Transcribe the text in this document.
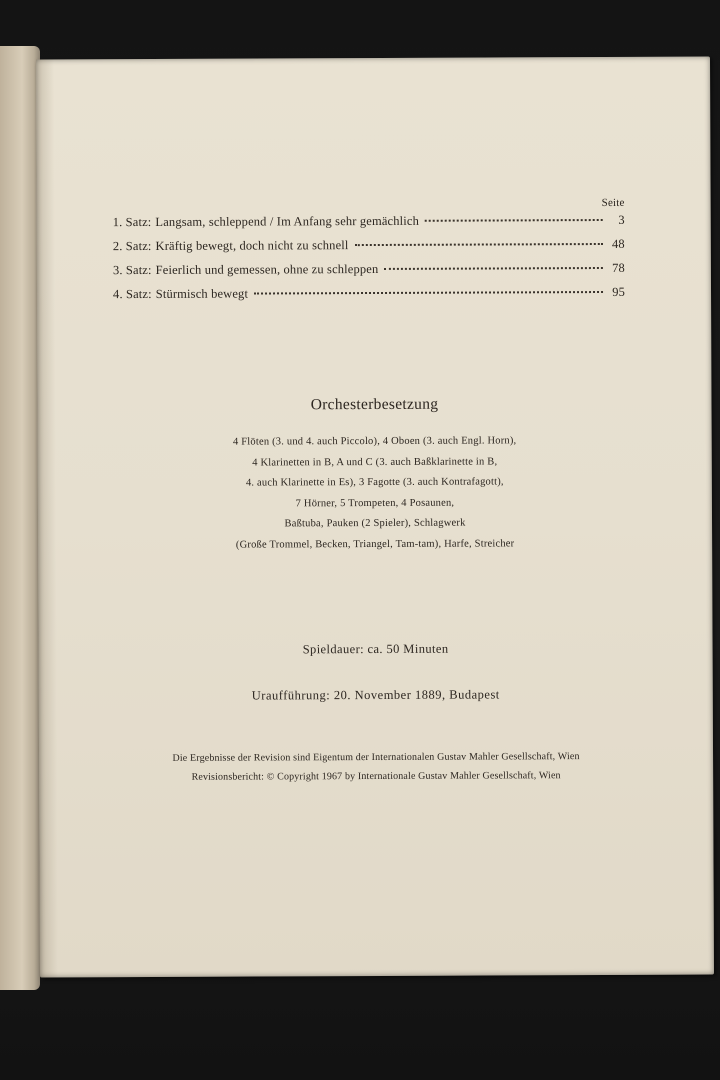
Seite
1. Satz: Langsam, schleppend / Im Anfang sehr gemächlich	3
2. Satz: Kräftig bewegt, doch nicht zu schnell	48
3. Satz: Feierlich und gemessen, ohne zu schleppen	78
4. Satz: Stürmisch bewegt	95
Orchesterbesetzung
4 Flöten (3. und 4. auch Piccolo), 4 Oboen (3. auch Engl. Horn),
4 Klarinetten in B, A und C (3. auch Baßklarinette in B,
4. auch Klarinette in Es), 3 Fagotte (3. auch Kontrafagott),
7 Hörner, 5 Trompeten, 4 Posaunen,
Baßtuba, Pauken (2 Spieler), Schlagwerk
(Große Trommel, Becken, Triangel, Tam-tam), Harfe, Streicher
Spieldauer: ca. 50 Minuten
Uraufführung: 20. November 1889, Budapest
Die Ergebnisse der Revision sind Eigentum der Internationalen Gustav Mahler Gesellschaft, Wien
Revisionsbericht: © Copyright 1967 by Internationale Gustav Mahler Gesellschaft, Wien
